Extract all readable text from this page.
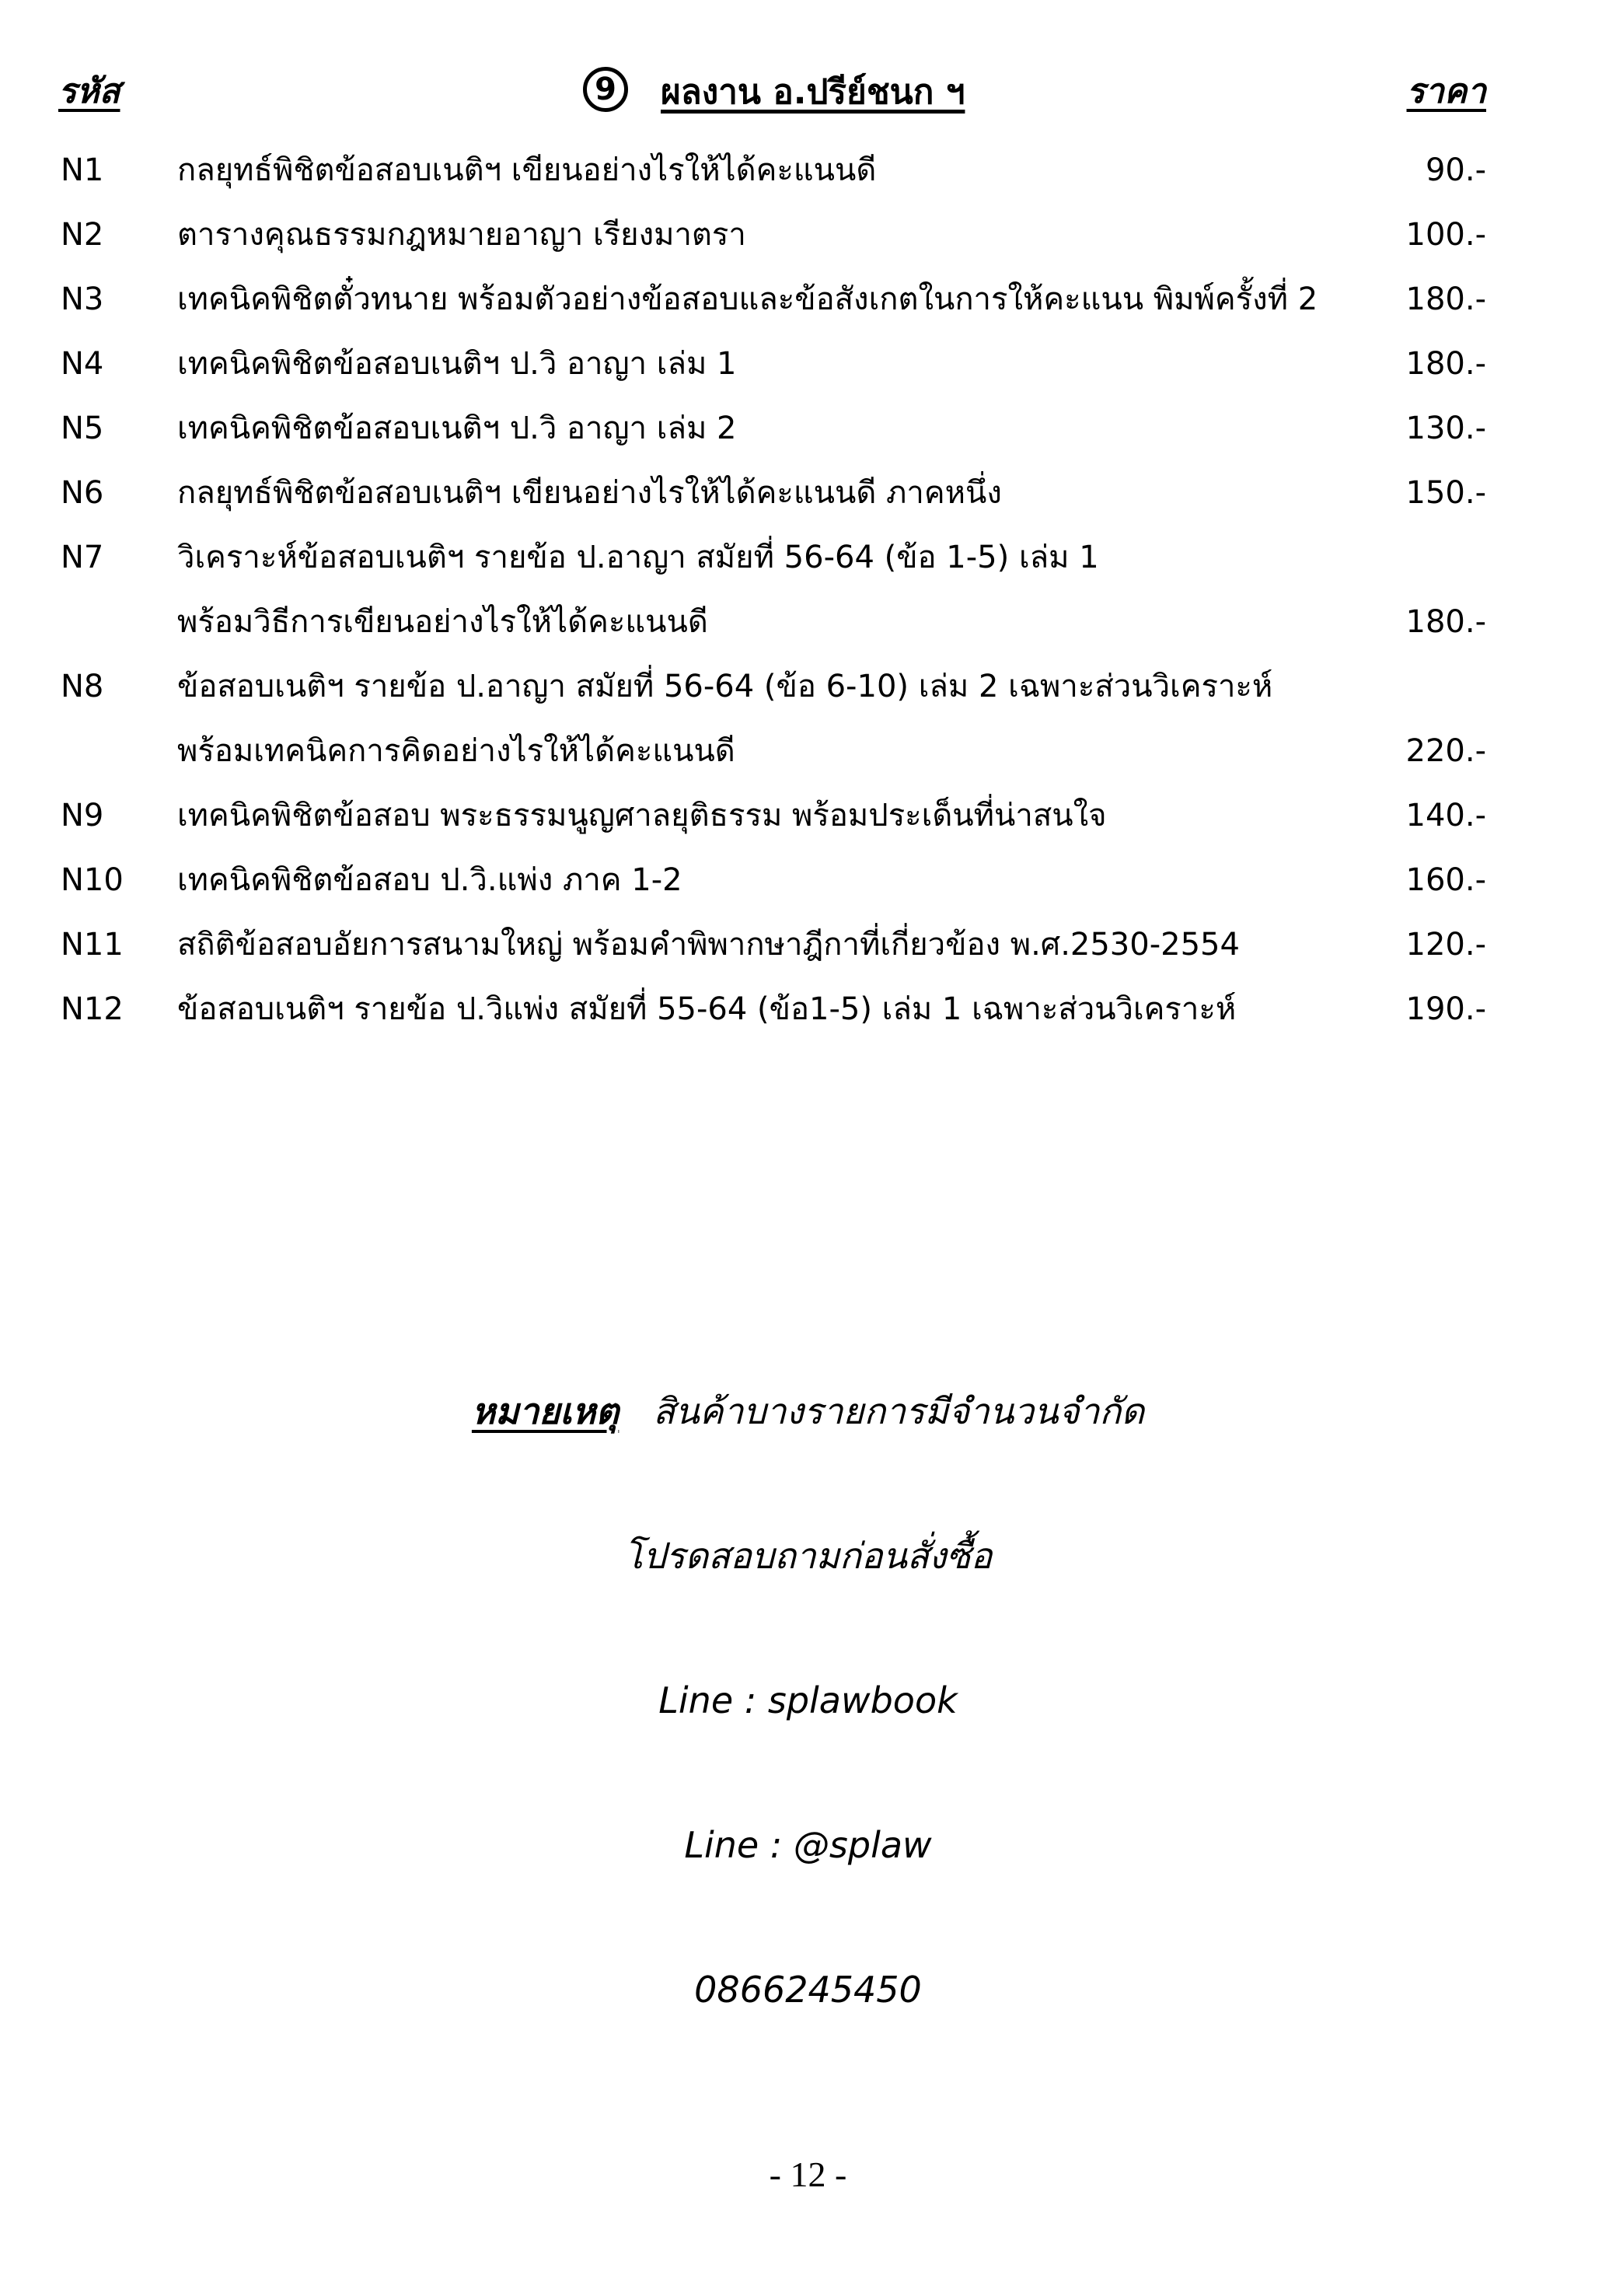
รหัส	9 ผลงาน อ.ปรีย์ชนก ฯ	ราคา
N1 กลยุทธ์พิชิตข้อสอบเนติฯ เขียนอย่างไรให้ได้คะแนนดี	90.-
N2 ตารางคุณธรรมกฎหมายอาญา เรียงมาตรา	100.-
N3 เทคนิคพิชิตตั๋วทนาย พร้อมตัวอย่างข้อสอบและข้อสังเกตในการให้คะแนน พิมพ์ครั้งที่ 2	180.-
N4 เทคนิคพิชิตข้อสอบเนติฯ ป.วิ อาญา เล่ม 1	180.-
N5 เทคนิคพิชิตข้อสอบเนติฯ ป.วิ อาญา เล่ม 2	130.-
N6 กลยุทธ์พิชิตข้อสอบเนติฯ เขียนอย่างไรให้ได้คะแนนดี ภาคหนึ่ง	150.-
N7 วิเคราะห์ข้อสอบเนติฯ รายข้อ ป.อาญา สมัยที่ 56-64 (ข้อ 1-5) เล่ม 1
พร้อมวิธีการเขียนอย่างไรให้ได้คะแนนดี	180.-
N8 ข้อสอบเนติฯ รายข้อ ป.อาญา สมัยที่ 56-64 (ข้อ 6-10) เล่ม 2 เฉพาะส่วนวิเคราะห์
พร้อมเทคนิคการคิดอย่างไรให้ได้คะแนนดี	220.-
N9 เทคนิคพิชิตข้อสอบ พระธรรมนูญศาลยุติธรรม พร้อมประเด็นที่น่าสนใจ	140.-
N10 เทคนิคพิชิตข้อสอบ ป.วิ.แพ่ง ภาค 1-2	160.-
N11 สถิติข้อสอบอัยการสนามใหญ่ พร้อมคำพิพากษาฎีกาที่เกี่ยวข้อง พ.ศ.2530-2554	120.-
N12 ข้อสอบเนติฯ รายข้อ ป.วิแพ่ง สมัยที่ 55-64 (ข้อ1-5) เล่ม 1 เฉพาะส่วนวิเคราะห์	190.-
หมายเหตุ สินค้าบางรายการมีจำนวนจำกัด
โปรดสอบถามก่อนสั่งซื้อ
Line : splawbook
Line : @splaw
0866245450
- 12 -
